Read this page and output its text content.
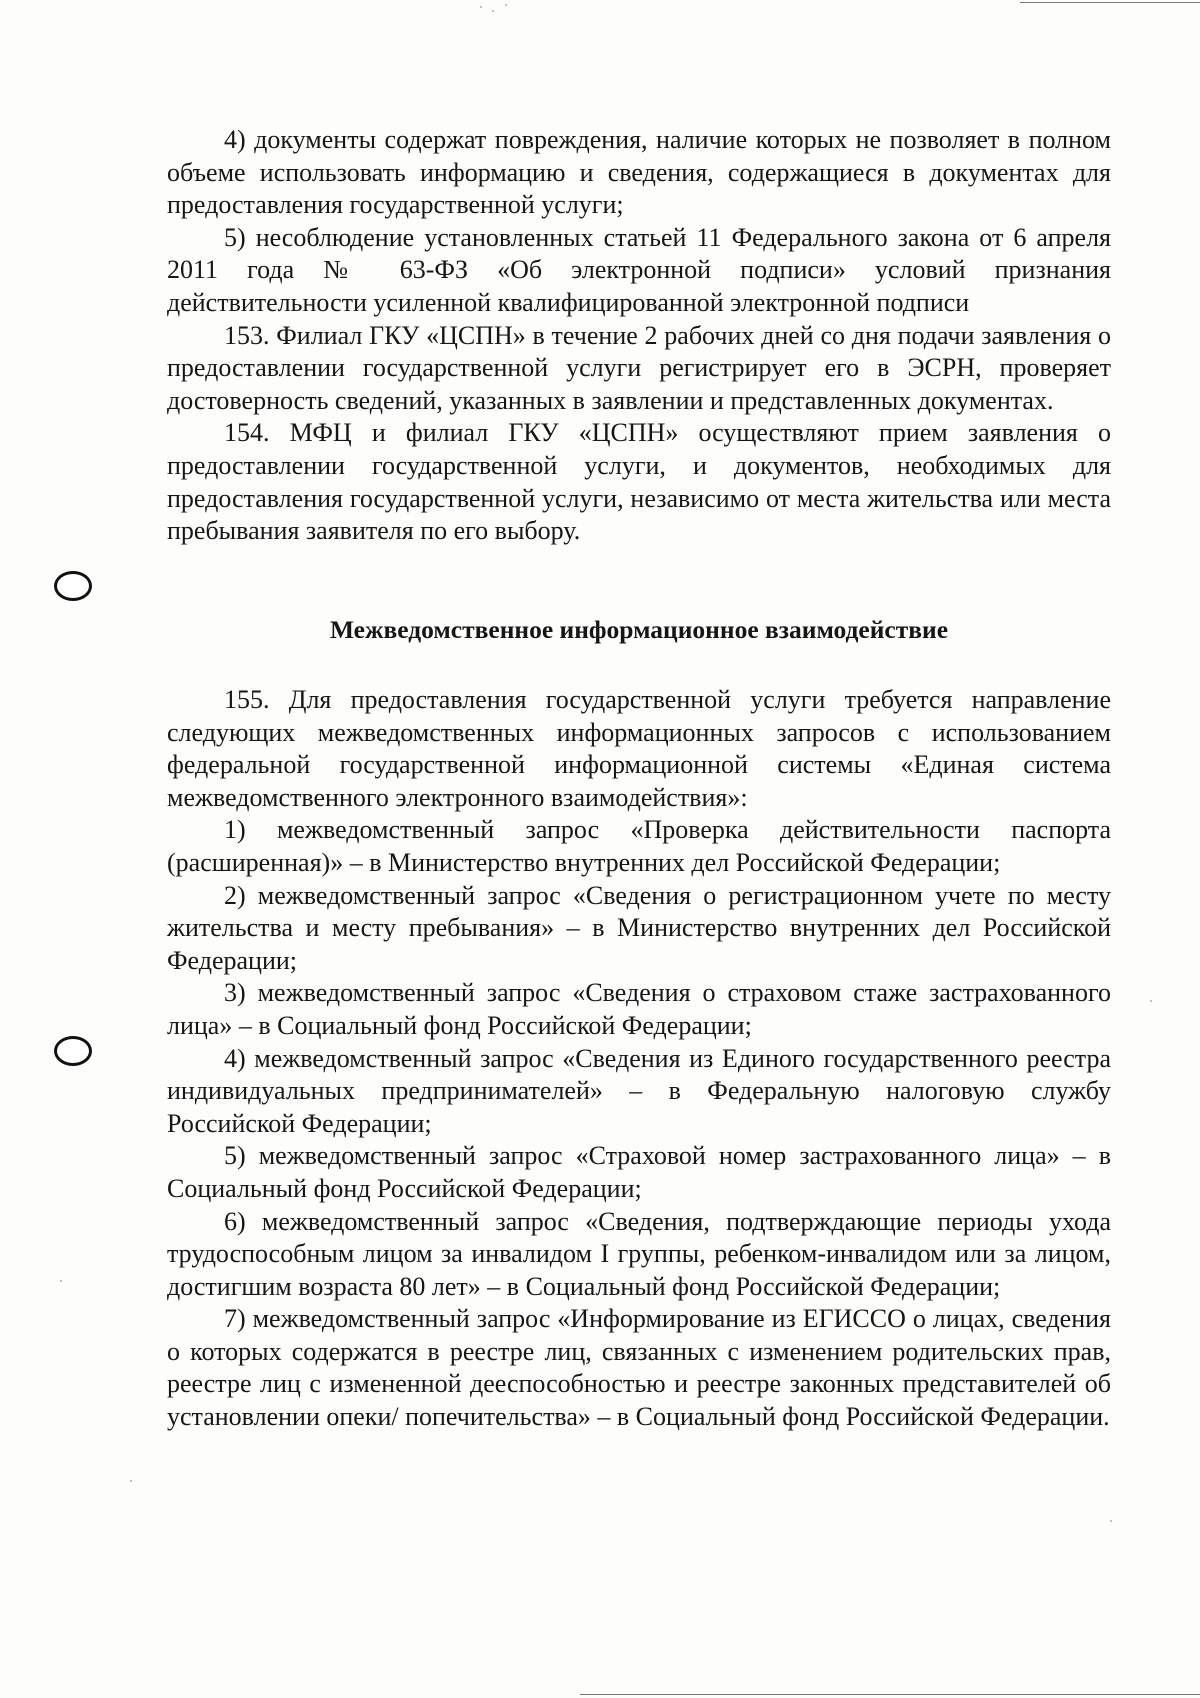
4) документы содержат повреждения, наличие которых не позволяет в полном объеме использовать информацию и сведения, содержащиеся в документах для предоставления государственной услуги;

5) несоблюдение установленных статьей 11 Федерального закона от 6 апреля 2011 года № 63-ФЗ «Об электронной подписи» условий признания действительности усиленной квалифицированной электронной подписи

153. Филиал ГКУ «ЦСПН» в течение 2 рабочих дней со дня подачи заявления о предоставлении государственной услуги регистрирует его в ЭСРН, проверяет достоверность сведений, указанных в заявлении и представленных документах.

154. МФЦ и филиал ГКУ «ЦСПН» осуществляют прием заявления о предоставлении государственной услуги, и документов, необходимых для предоставления государственной услуги, независимо от места жительства или места пребывания заявителя по его выбору.

Межведомственное информационное взаимодействие

155. Для предоставления государственной услуги требуется направление следующих межведомственных информационных запросов с использованием федеральной государственной информационной системы «Единая система межведомственного электронного взаимодействия»:

1) межведомственный запрос «Проверка действительности паспорта (расширенная)» – в Министерство внутренних дел Российской Федерации;

2) межведомственный запрос «Сведения о регистрационном учете по месту жительства и месту пребывания» – в Министерство внутренних дел Российской Федерации;

3) межведомственный запрос «Сведения о страховом стаже застрахованного лица» – в Социальный фонд Российской Федерации;

4) межведомственный запрос «Сведения из Единого государственного реестра индивидуальных предпринимателей» – в Федеральную налоговую службу Российской Федерации;

5) межведомственный запрос «Страховой номер застрахованного лица» – в Социальный фонд Российской Федерации;

6) межведомственный запрос «Сведения, подтверждающие периоды ухода трудоспособным лицом за инвалидом I группы, ребенком-инвалидом или за лицом, достигшим возраста 80 лет» – в Социальный фонд Российской Федерации;

7) межведомственный запрос «Информирование из ЕГИССО о лицах, сведения о которых содержатся в реестре лиц, связанных с изменением родительских прав, реестре лиц с измененной дееспособностью и реестре законных представителей об установлении опеки/ попечительства» – в Социальный фонд Российской Федерации.
